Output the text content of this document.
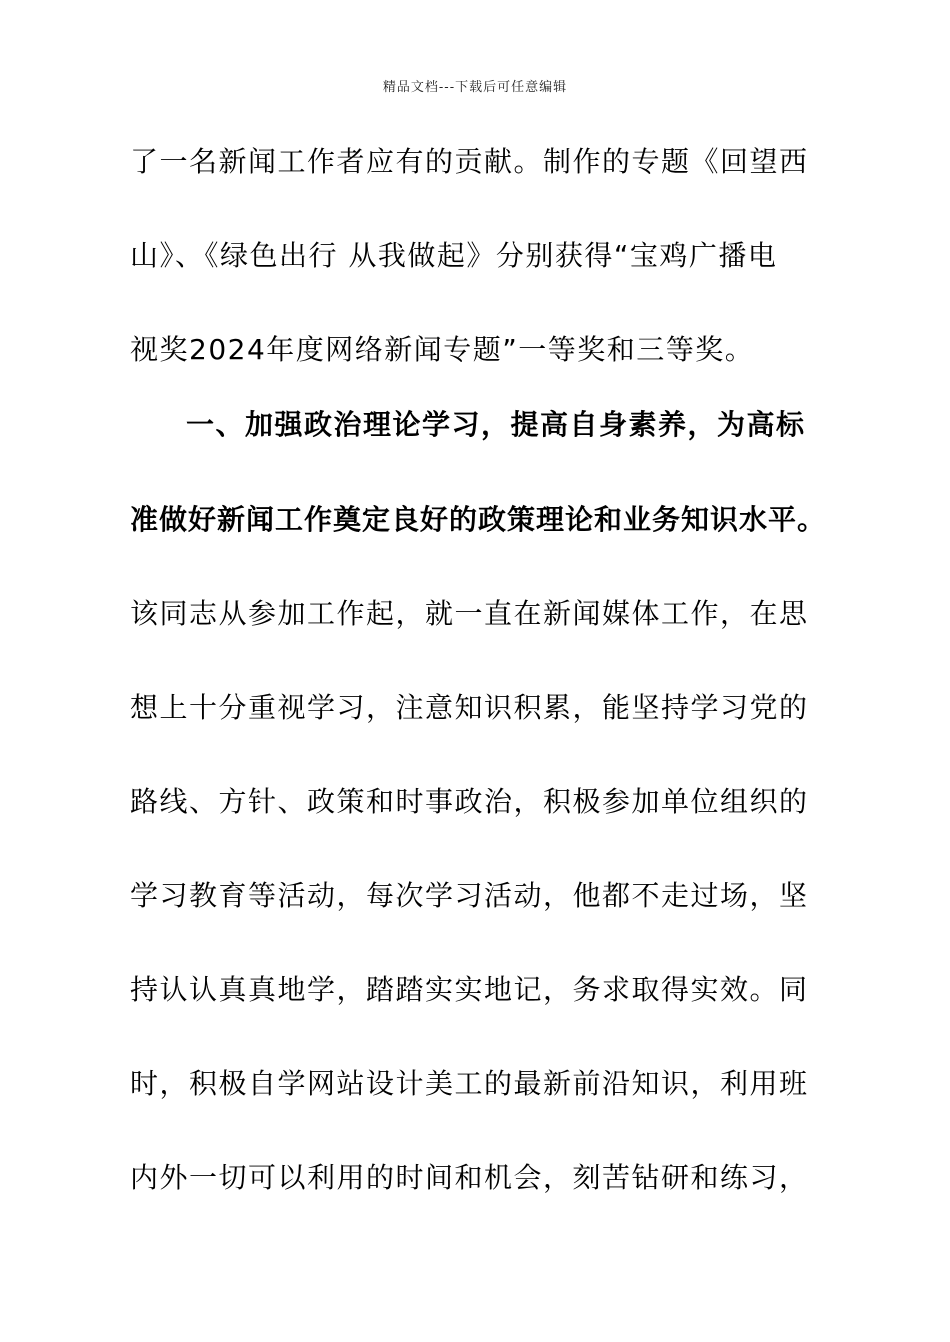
精品文档---下载后可任意编辑
了一名新闻工作者应有的贡献。制作的专题《回望西
山》、《绿色出行 从我做起》分别获得“宝鸡广播电
视奖2024年度网络新闻专题”一等奖和三等奖。
一、加强政治理论学习，提高自身素养，为高标
准做好新闻工作奠定良好的政策理论和业务知识水平。
该同志从参加工作起，就一直在新闻媒体工作，在思
想上十分重视学习，注意知识积累，能坚持学习党的
路线、方针、政策和时事政治，积极参加单位组织的
学习教育等活动，每次学习活动，他都不走过场，坚
持认认真真地学，踏踏实实地记，务求取得实效。同
时，积极自学网站设计美工的最新前沿知识，利用班
内外一切可以利用的时间和机会，刻苦钻研和练习，
